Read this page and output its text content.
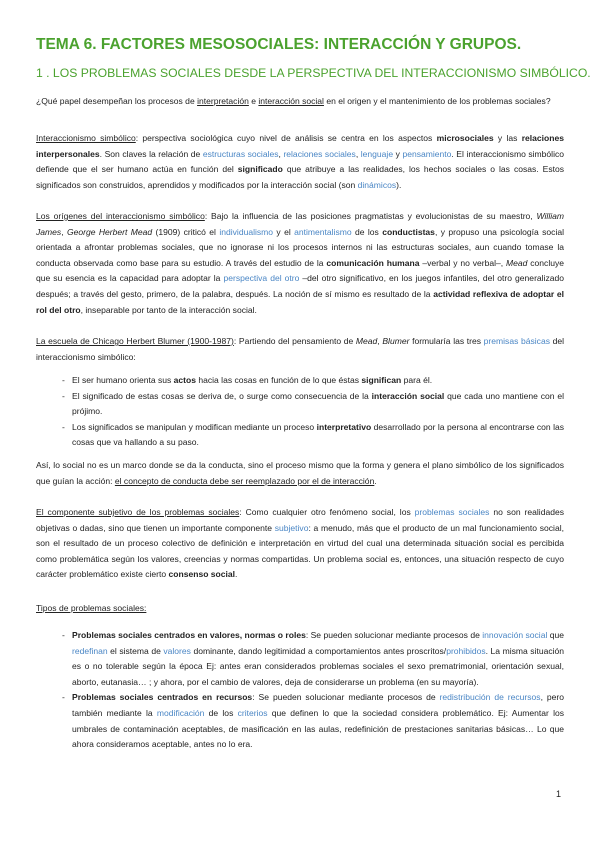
TEMA 6. FACTORES MESOSOCIALES: INTERACCIÓN Y GRUPOS.
1 . LOS PROBLEMAS SOCIALES DESDE LA PERSPECTIVA DEL INTERACCIONISMO SIMBÓLICO.

¿Qué papel desempeñan los procesos de interpretación e interacción social en el origen y el mantenimiento de los problemas sociales?

Interaccionismo simbólico: perspectiva sociológica cuyo nivel de análisis se centra en los aspectos microsociales y las relaciones interpersonales. Son claves la relación de estructuras sociales, relaciones sociales, lenguaje y pensamiento. El interaccionismo simbólico defiende que el ser humano actúa en función del significado que atribuye a las realidades, los hechos sociales o las cosas. Estos significados son construidos, aprendidos y modificados por la interacción social (son dinámicos).

Los orígenes del interaccionismo simbólico: Bajo la influencia de las posiciones pragmatistas y evolucionistas de su maestro, William James, George Herbert Mead (1909) criticó el individualismo y el antimentalismo de los conductistas, y propuso una psicología social orientada a afrontar problemas sociales, que no ignorase ni los procesos internos ni las estructuras sociales, aun cuando tomase la conducta observada como base para su estudio. A través del estudio de la comunicación humana –verbal y no verbal–, Mead concluye que su esencia es la capacidad para adoptar la perspectiva del otro –del otro significativo, en los juegos infantiles, del otro generalizado después; a través del gesto, primero, de la palabra, después. La noción de sí mismo es resultado de la actividad reflexiva de adoptar el rol del otro, inseparable por tanto de la interacción social.

La escuela de Chicago Herbert Blumer (1900-1987): Partiendo del pensamiento de Mead, Blumer formularía las tres premisas básicas del interaccionismo simbólico:

- El ser humano orienta sus actos hacia las cosas en función de lo que éstas significan para él.
- El significado de estas cosas se deriva de, o surge como consecuencia de la interacción social que cada uno mantiene con el prójimo.
- Los significados se manipulan y modifican mediante un proceso interpretativo desarrollado por la persona al encontrarse con las cosas que va hallando a su paso.

Así, lo social no es un marco donde se da la conducta, sino el proceso mismo que la forma y genera el plano simbólico de los significados que guían la acción: el concepto de conducta debe ser reemplazado por el de interacción.

El componente subjetivo de los problemas sociales: Como cualquier otro fenómeno social, los problemas sociales no son realidades objetivas o dadas, sino que tienen un importante componente subjetivo: a menudo, más que el producto de un mal funcionamiento social, son el resultado de un proceso colectivo de definición e interpretación en virtud del cual una determinada situación social es percibida como problemática según los valores, creencias y normas compartidas. Un problema social es, entonces, una situación respecto de cuyo carácter problemático existe cierto consenso social.

Tipos de problemas sociales:

- Problemas sociales centrados en valores, normas o roles: Se pueden solucionar mediante procesos de innovación social que redefinan el sistema de valores dominante, dando legitimidad a comportamientos antes proscritos/prohibidos. La misma situación es o no tolerable según la época Ej: antes eran considerados problemas sociales el sexo prematrimonial, orientación sexual, aborto, eutanasia… ; y ahora, por el cambio de valores, deja de considerarse un problema (en su mayoría).
- Problemas sociales centrados en recursos: Se pueden solucionar mediante procesos de redistribución de recursos, pero también mediante la modificación de los criterios que definen lo que la sociedad considera problemático. Ej: Aumentar los umbrales de contaminación aceptables, de masificación en las aulas, redefinición de prestaciones sanitarias básicas… Lo que ahora consideramos aceptable, antes no lo era.
1
